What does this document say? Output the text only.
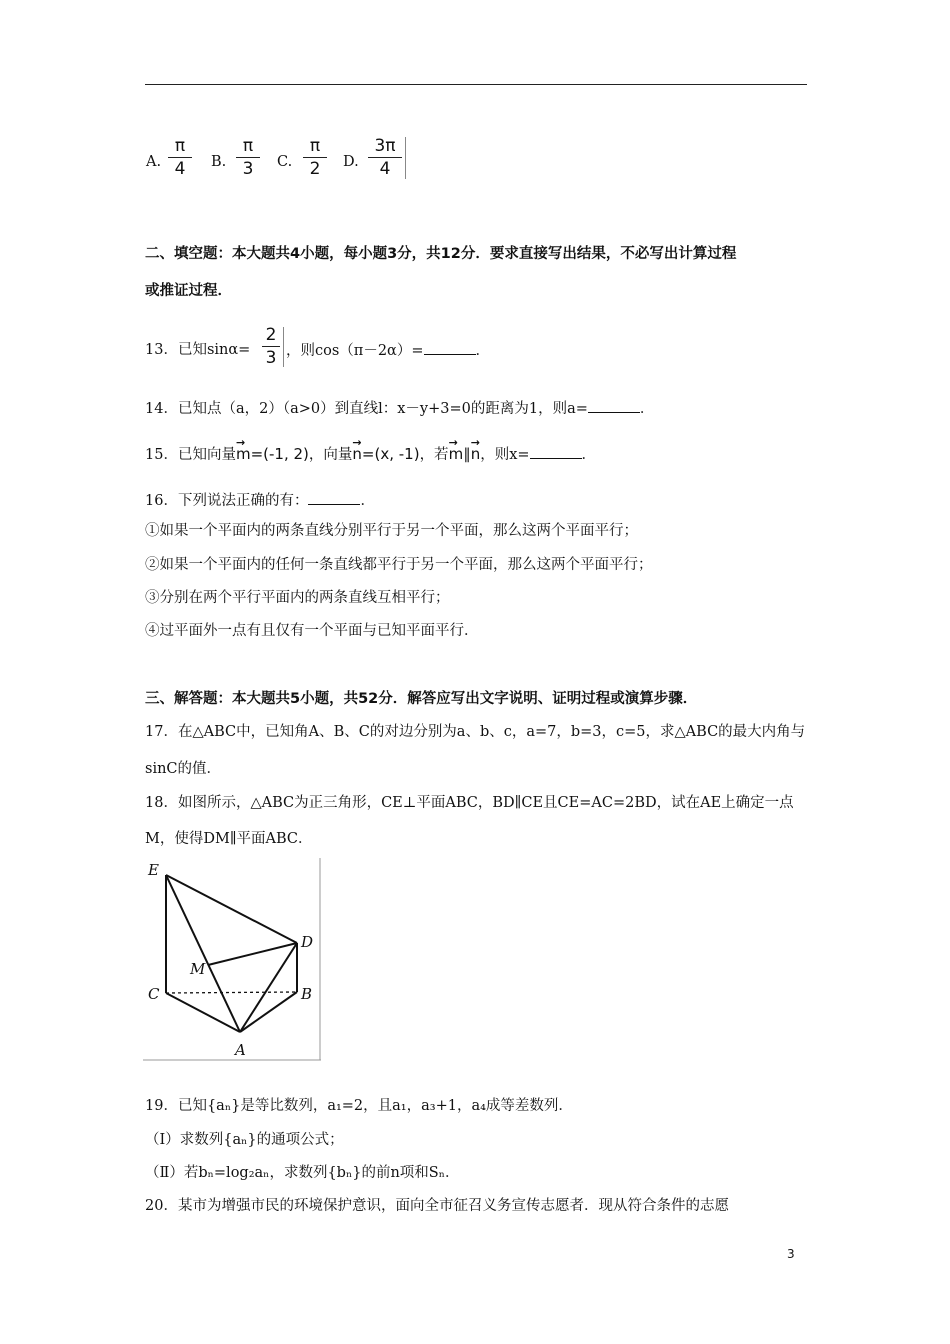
A.
π
4	B.
π
3	C.
π
2	D.
3π
4
二、填空题：本大题共4小题，每小题3分，共12分．要求直接写出结果，不必写出计算过程
或推证过程．
13．已知sinα=
2
3 ，则cos（π－2α）=	．
14．已知点（a，2）（a>0）到直线l：x－y+3=0的距离为1，则a=	．
15．已知向量→ m=(-1, 2)，向量→ n=(x, -1)，若→ m∥→ n，则x=	．
16．下列说法正确的有：	．
①如果一个平面内的两条直线分别平行于另一个平面，那么这两个平面平行；
②如果一个平面内的任何一条直线都平行于另一个平面，那么这两个平面平行；
③分别在两个平行平面内的两条直线互相平行；
④过平面外一点有且仅有一个平面与已知平面平行．
三、解答题：本大题共5小题，共52分．解答应写出文字说明、证明过程或演算步骤．
17．在△ABC中，已知角A、B、C的对边分别为a、b、c，a=7，b=3，c=5，求△ABC的最大内角与
sinC的值．
18．如图所示，△ABC为正三角形，CE⊥平面ABC，BD∥CE且CE=AC=2BD，试在AE上确定一点
M，使得DM∥平面ABC．
E
D
M
C	B
A
19．已知{aₙ}是等比数列，a₁=2，且a₁，a₃+1，a₄成等差数列．
（Ⅰ）求数列{aₙ}的通项公式；
（Ⅱ）若bₙ=log₂aₙ，求数列{bₙ}的前n项和Sₙ．
20．某市为增强市民的环境保护意识，面向全市征召义务宣传志愿者．现从符合条件的志愿
3
